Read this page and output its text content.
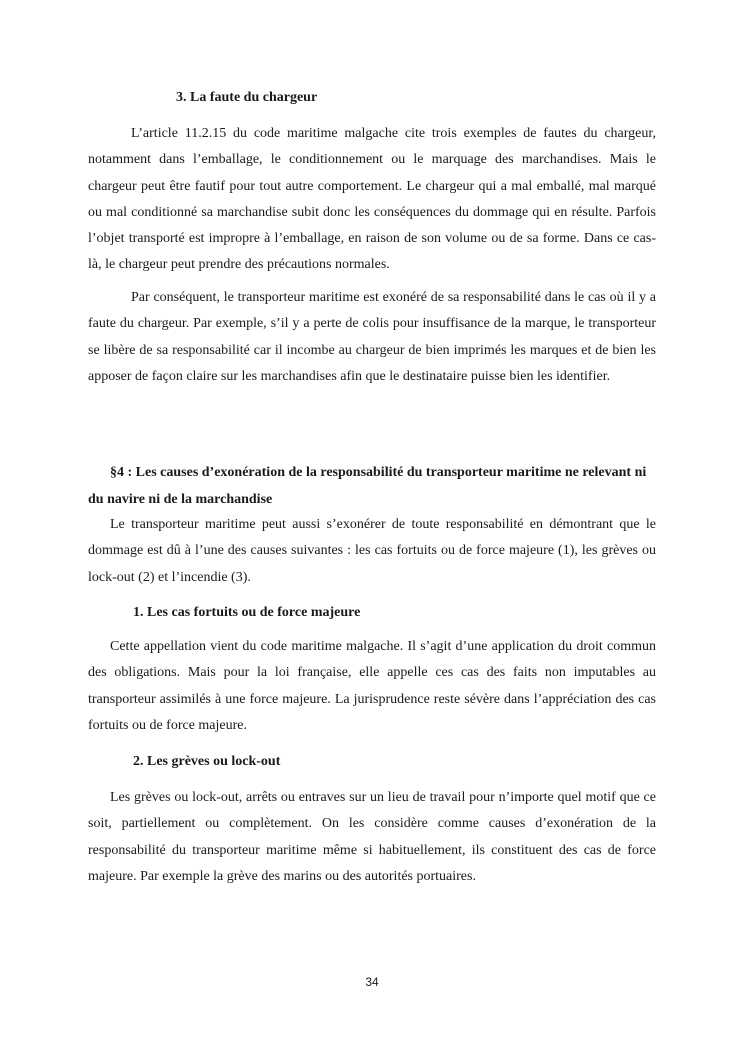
3. La faute du chargeur

L’article 11.2.15 du code maritime malgache cite trois exemples de fautes du chargeur, notamment dans l’emballage, le conditionnement ou le marquage des marchandises. Mais le chargeur peut être fautif pour tout autre comportement. Le chargeur qui a mal emballé, mal marqué ou mal conditionné sa marchandise subit donc les conséquences du dommage qui en résulte. Parfois l’objet transporté est impropre à l’emballage, en raison de son volume ou de sa forme. Dans ce cas-là, le chargeur peut prendre des précautions normales.

Par conséquent, le transporteur maritime est exonéré de sa responsabilité dans le cas où il y a faute du chargeur. Par exemple, s’il y a perte de colis pour insuffisance de la marque, le transporteur se libère de sa responsabilité car il incombe au chargeur de bien imprimés les marques et de bien les apposer de façon claire sur les marchandises afin que le destinataire puisse bien les identifier.

§4 : Les causes d’exonération de la responsabilité du transporteur maritime ne relevant ni du navire ni de la marchandise

Le transporteur maritime peut aussi s’exonérer de toute responsabilité en démontrant que le dommage est dû à l’une des causes suivantes : les cas fortuits ou de force majeure (1), les grèves ou lock-out (2) et l’incendie (3).

1. Les cas fortuits ou de force majeure

Cette appellation vient du code maritime malgache. Il s’agit d’une application du droit commun des obligations. Mais pour la loi française, elle appelle ces cas des faits non imputables au transporteur assimilés à une force majeure. La jurisprudence reste sévère dans l’appréciation des cas fortuits ou de force majeure.

2. Les grèves ou lock-out

Les grèves ou lock-out, arrêts ou entraves sur un lieu de travail pour n’importe quel motif que ce soit, partiellement ou complètement. On les considère comme causes d’exonération de la responsabilité du transporteur maritime même si habituellement, ils constituent des cas de force majeure. Par exemple la grève des marins ou des autorités portuaires.

34
